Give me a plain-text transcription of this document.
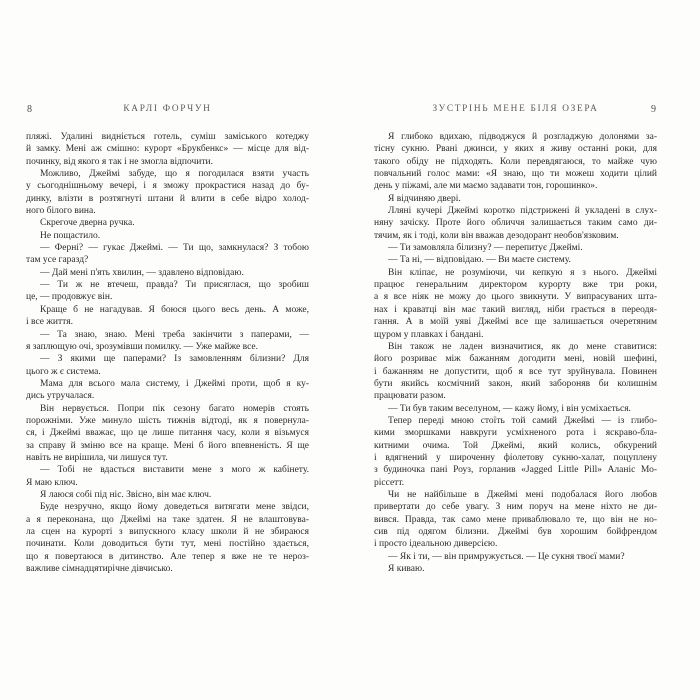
8	КАРЛІ ФОРЧУН
пляжі. Удалині видніється готель, суміш заміського котеджу
й замку. Мені аж смішно: курорт «Брукбенкс» — місце для від-
починку, від якого я так і не змогла відпочити.
Можливо, Джеймі забуде, що я погодилася взяти участь
у сьогоднішньому вечері, і я зможу прокрастися назад до бу-
динку, влізти в розтягнуті штани й влити в себе відро холод-
ного білого вина.
Скрегоче дверна ручка.
Не пощастило.
— Ферні? — гукає Джеймі. — Ти що, замкнулася? З тобою
там усе гаразд?
— Дай мені п'ять хвилин, — здавлено відповідаю.
— Ти ж не втечеш, правда? Ти присяглася, що зробиш
це, — продовжує він.
Краще б не нагадував. Я боюся цього весь день. А може,
і все життя.
— Та знаю, знаю. Мені треба закінчити з паперами, —
я заплющую очі, зрозумівши помилку. — Уже майже все.
— З якими ще паперами? Із замовленням білизни? Для
цього ж є система.
Мама для всього мала систему, і Джеймі проти, щоб я ку-
дись утручалася.
Він нервується. Попри пік сезону багато номерів стоять
порожніми. Уже минуло шість тижнів відтоді, як я повернула-
ся, і Джеймі вважає, що це лише питання часу, коли я візьмуся
за справу й зміню все на краще. Мені б його впевненість. Я ще
навіть не вирішила, чи лишуся тут.
— Тобі не вдасться виставити мене з мого ж кабінету.
Я маю ключ.
Я лаюся собі під ніс. Звісно, він має ключ.
Буде незручно, якщо йому доведеться витягати мене звідси,
а я переконана, що Джеймі на таке здатен. Я не влаштовува-
ла сцен на курорті з випускного класу школи й не збираюся
починати. Коли доводиться бути тут, мені постійно здається,
що я повертаюся в дитинство. Але тепер я вже не те нероз-
важливе сімнадцятирічне дівчисько.
ЗУСТРІНЬ МЕНЕ БІЛЯ ОЗЕРА	9
Я глибоко вдихаю, підводжуся й розгладжую долонями за-
тісну сукню. Рвані джинси, у яких я живу останні роки, для
такого обіду не підходять. Коли перевдягаюся, то майже чую
повчальний голос мами: «Я знаю, що ти можеш ходити цілий
день у піжамі, але ми маємо задавати тон, горошинко».
Я відчиняю двері.
Лляні кучері Джеймі коротко підстрижені й укладені в слух-
няну зачіску. Проте його обличчя залишається таким само ди-
тячим, як і тоді, коли він вважав дезодорант необов'язковим.
— Ти замовляла білизну? — перепитує Джеймі.
— Та ні, — відповідаю. — Ви маєте систему.
Він кліпає, не розуміючи, чи кепкую я з нього. Джеймі
працює генеральним директором курорту вже три роки,
а я все ніяк не можу до цього звикнути. У випрасуваних шта-
нах і краватці він має такий вигляд, ніби грається в переодя-
гання. А в моїй уяві Джеймі все ще залишається очеретяним
щуром у плавках і бандані.
Він також не ладен визначитися, як до мене ставитися:
його розриває між бажанням догодити мені, новій шефині,
і бажанням не допустити, щоб я все тут зруйнувала. Повинен
бути якийсь космічний закон, який забороняв би колишнім
працювати разом.
— Ти був таким веселуном, — кажу йому, і він усміхається.
Тепер переді мною стоїть той самий Джеймі — із глибо-
кими зморшками навкруги усміхненого рота і яскраво-бла-
китними очима. Той Джеймі, який колись, обкурений
і вдягнений у широченну фіолетову сукню-халат, поцуплену
з будиночка пані Роуз, горланив «Jagged Little Pill» Аланіс Мо-
ріссетт.
Чи не найбільше в Джеймі мені подобалася його любов
привертати до себе увагу. З ним поруч на мене ніхто не ди-
вився. Правда, так само мене приваблювало те, що він не но-
сив під одягом білизни. Джеймі був хорошим бойфрендом
і просто ідеальною диверсією.
— Як і ти, — він примружується. — Це сукня твоєї мами?
Я киваю.
